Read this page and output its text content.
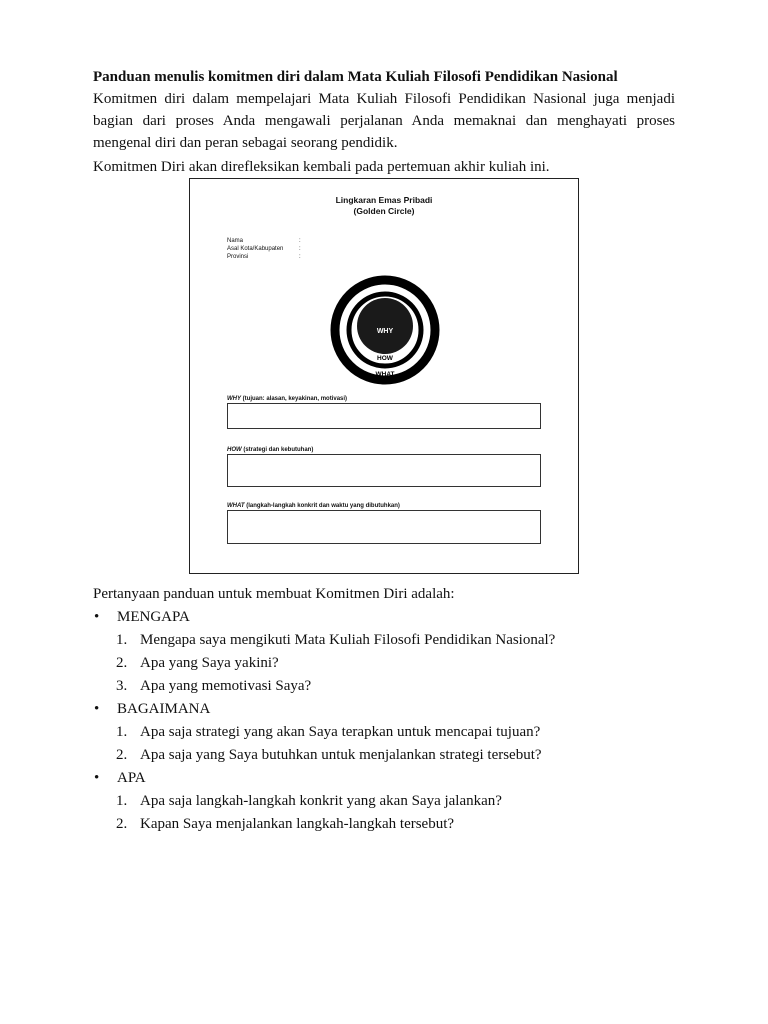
Panduan menulis komitmen diri dalam Mata Kuliah Filosofi Pendidikan Nasional

Komitmen diri dalam mempelajari Mata Kuliah Filosofi Pendidikan Nasional juga menjadi

bagian dari proses Anda mengawali perjalanan Anda memaknai dan menghayati proses

mengenal diri dan peran sebagai seorang pendidik.

Komitmen Diri akan direfleksikan kembali pada pertemuan akhir kuliah ini.

Lingkaran Emas Pribadi
(Golden Circle)
Nama	:
Asal Kota/Kabupaten	:
Provinsi	:
WHY
HOW
WHAT
WHY (tujuan: alasan, keyakinan, motivasi)
HOW (strategi dan kebutuhan)
WHAT (langkah-langkah konkrit dan waktu yang dibutuhkan)

Pertanyaan panduan untuk membuat Komitmen Diri adalah:

• MENGAPA
1. Mengapa saya mengikuti Mata Kuliah Filosofi Pendidikan Nasional?
2. Apa yang Saya yakini?
3. Apa yang memotivasi Saya?
• BAGAIMANA
1. Apa saja strategi yang akan Saya terapkan untuk mencapai tujuan?
2. Apa saja yang Saya butuhkan untuk menjalankan strategi tersebut?
• APA
1. Apa saja langkah-langkah konkrit yang akan Saya jalankan?
2. Kapan Saya menjalankan langkah-langkah tersebut?
